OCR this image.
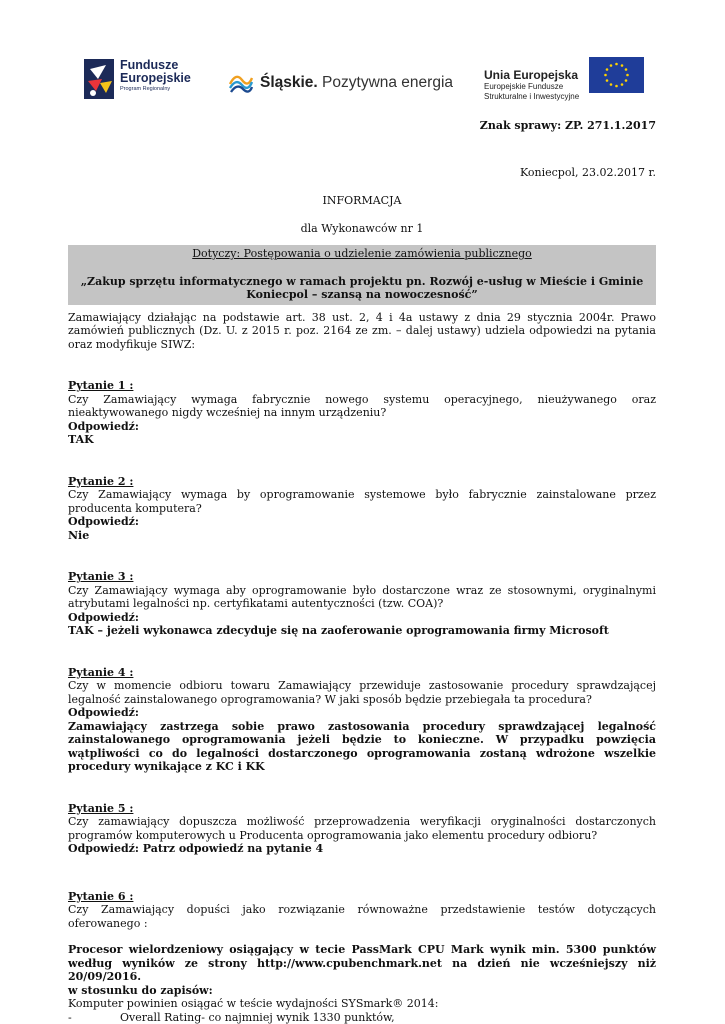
Fundusze
Europejskie
Program Regionalny	Śląskie. Pozytywna energia	Unia Europejska
Europejskie Fundusze
Strukturalne i Inwestycyjne
Znak sprawy: ZP. 271.1.2017
Koniecpol, 23.02.2017 r.
INFORMACJA
dla Wykonawców nr 1
Dotyczy: Postępowania o udzielenie zamówienia publicznego
„Zakup sprzętu informatycznego w ramach projektu pn. Rozwój e-usług w Mieście i Gminie Koniecpol – szansą na nowoczesność”
Zamawiający działając na podstawie art. 38 ust. 2, 4 i 4a ustawy z dnia 29 stycznia 2004r. Prawo zamówień publicznych (Dz. U. z 2015 r. poz. 2164 ze zm. – dalej ustawy) udziela odpowiedzi na pytania oraz modyfikuje SIWZ:
Pytanie 1 :
Czy Zamawiający wymaga fabrycznie nowego systemu operacyjnego, nieużywanego oraz nieaktywowanego nigdy wcześniej na innym urządzeniu?
Odpowiedź:
TAK
Pytanie 2 :
Czy Zamawiający wymaga by oprogramowanie systemowe było fabrycznie zainstalowane przez producenta komputera?
Odpowiedź:
Nie
Pytanie 3 :
Czy Zamawiający wymaga aby oprogramowanie było dostarczone wraz ze stosownymi, oryginalnymi atrybutami legalności np. certyfikatami autentyczności (tzw. COA)?
Odpowiedź:
TAK – jeżeli wykonawca zdecyduje się na zaoferowanie oprogramowania firmy Microsoft
Pytanie 4 :
Czy w momencie odbioru towaru Zamawiający przewiduje zastosowanie procedury sprawdzającej legalność zainstalowanego oprogramowania? W jaki sposób będzie przebiegała ta procedura?
Odpowiedź:
Zamawiający zastrzega sobie prawo zastosowania procedury sprawdzającej legalność zainstalowanego oprogramowania jeżeli będzie to konieczne. W przypadku powzięcia wątpliwości co do legalności dostarczonego oprogramowania zostaną wdrożone wszelkie procedury wynikające z KC i KK
Pytanie 5 :
Czy zamawiający dopuszcza możliwość przeprowadzenia weryfikacji oryginalności dostarczonych programów komputerowych u Producenta oprogramowania jako elementu procedury odbioru?
Odpowiedź: Patrz odpowiedź na pytanie 4
Pytanie 6 :
Czy Zamawiający dopuści jako rozwiązanie równoważne przedstawienie testów dotyczących oferowanego :
Procesor wielordzeniowy osiągający w tecie PassMark CPU Mark wynik min. 5300 punktów według wyników ze strony http://www.cpubenchmark.net na dzień nie wcześniejszy niż 20/09/2016.
w stosunku do zapisów:
Komputer powinien osiągać w teście wydajności SYSmark® 2014:
-	Overall Rating- co najmniej wynik 1330 punktów,
